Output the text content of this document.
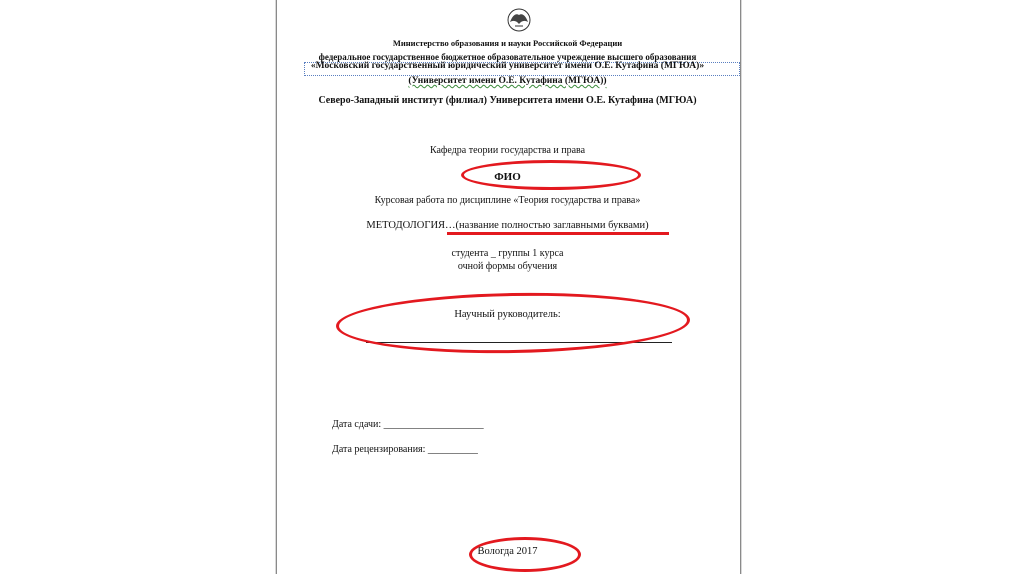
Министерство образования и науки Российской Федерации
федеральное государственное бюджетное образовательное учреждение высшего образования
«Московский государственный юридический университет имени О.Е. Кутафина (МГЮА)»
(Университет имени О.Е. Кутафина (МГЮА))
Северо-Западный институт (филиал) Университета имени О.Е. Кутафина (МГЮА)
Кафедра теории государства и права
ФИО
Курсовая работа по дисциплине «Теория государства и права»
МЕТОДОЛОГИЯ…(название полностью заглавными буквами)
студента _ группы 1 курса
очной формы обучения
Научный руководитель:
Дата сдачи: ____________________
Дата рецензирования: __________
Вологда 2017
